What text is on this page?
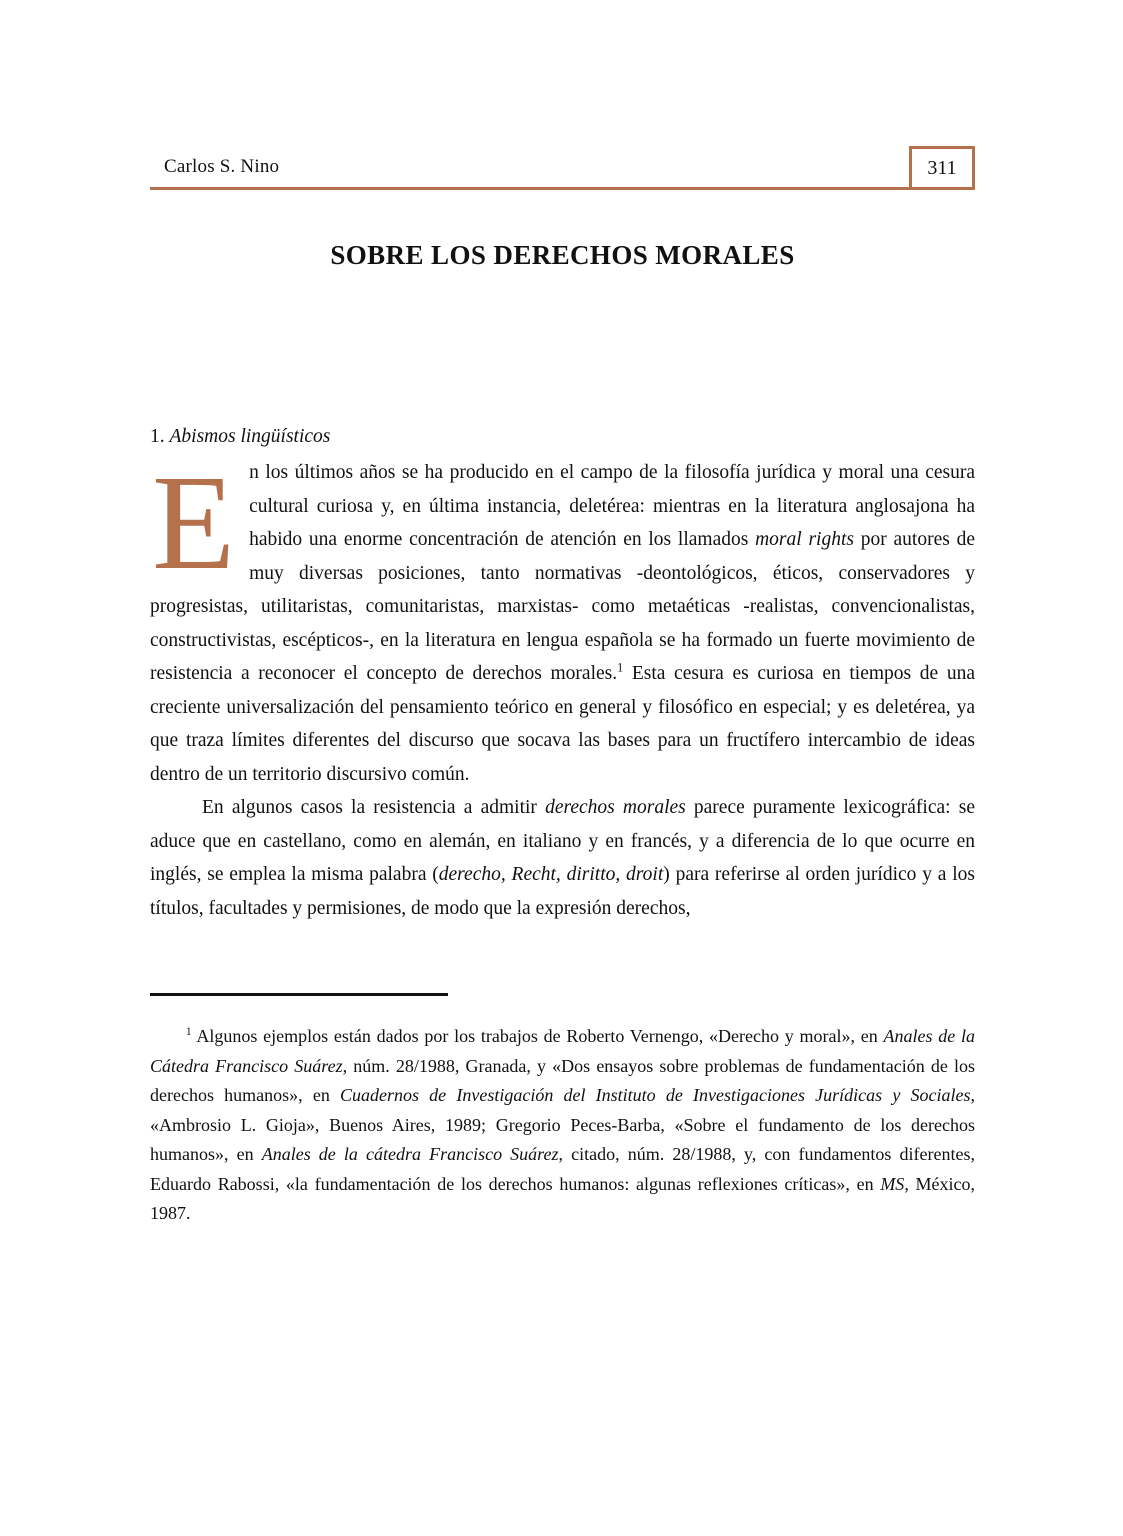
Carlos S. Nino	311
SOBRE LOS DERECHOS MORALES
1. Abismos lingüísticos

En los últimos años se ha producido en el campo de la filosofía jurídica y moral una cesura cultural curiosa y, en última instancia, deletérea: mientras en la literatura anglosajona ha habido una enorme concentración de atención en los llamados moral rights por autores de muy diversas posiciones, tanto normativas -deontológicos, éticos, conservadores y progresistas, utilitaristas, comunitaristas, marxistas- como metaéticas -realistas, convencionalistas, constructivistas, escépticos-, en la literatura en lengua española se ha formado un fuerte movimiento de resistencia a reconocer el concepto de derechos morales.$^1$ Esta cesura es curiosa en tiempos de una creciente universalización del pensamiento teórico en general y filosófico en especial; y es deletérea, ya que traza límites diferentes del discurso que socava las bases para un fructífero intercambio de ideas dentro de un territorio discursivo común.

En algunos casos la resistencia a admitir derechos morales parece puramente lexicográfica: se aduce que en castellano, como en alemán, en italiano y en francés, y a diferencia de lo que ocurre en inglés, se emplea la misma palabra (derecho, Recht, diritto, droit) para referirse al orden jurídico y a los títulos, facultades y permisiones, de modo que la expresión derechos,

$^1$ Algunos ejemplos están dados por los trabajos de Roberto Vernengo, «Derecho y moral», en Anales de la Cátedra Francisco Suárez, núm. 28/1988, Granada, y «Dos ensayos sobre problemas de fundamentación de los derechos humanos», en Cuadernos de Investigación del Instituto de Investigaciones Jurídicas y Sociales, «Ambrosio L. Gioja», Buenos Aires, 1989; Gregorio Peces-Barba, «Sobre el fundamento de los derechos humanos», en Anales de la cátedra Francisco Suárez, citado, núm. 28/1988, y, con fundamentos diferentes, Eduardo Rabossi, «la fundamentación de los derechos humanos: algunas reflexiones críticas», en MS, México, 1987.
